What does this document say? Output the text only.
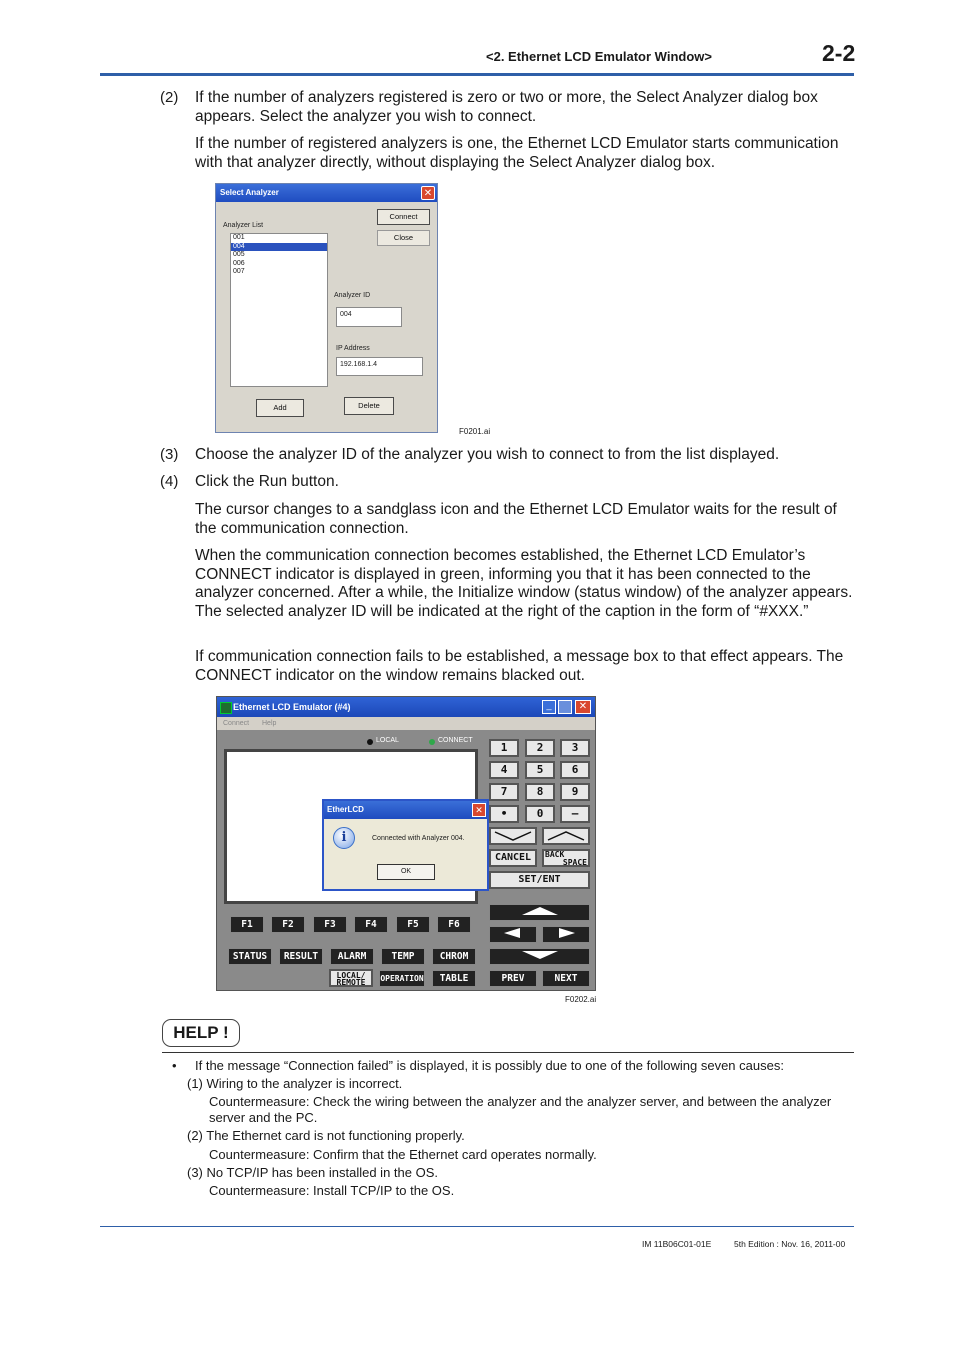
<2. Ethernet LCD Emulator Window>	2-2
(2) If the number of analyzers registered is zero or two or more, the Select Analyzer dialog box appears. Select the analyzer you wish to connect.
If the number of registered analyzers is one, the Ethernet LCD Emulator starts communication with that analyzer directly, without displaying the Select Analyzer dialog box.
Select Analyzer	✕
Analyzer List
001
004
005
006
007
Connect
Close
Analyzer ID
004
IP Address
192.168.1.4
Add	Delete
F0201.ai
(3) Choose the analyzer ID of the analyzer you wish to connect to from the list displayed.
(4) Click the Run button.
The cursor changes to a sandglass icon and the Ethernet LCD Emulator waits for the result of the communication connection.
When the communication connection becomes established, the Ethernet LCD Emulator’s CONNECT indicator is displayed in green, informing you that it has been connected to the analyzer concerned. After a while, the Initialize window (status window) of the analyzer appears. The selected analyzer ID will be indicated at the right of the caption in the form of “#XXX.”
If communication connection fails to be established, a message box to that effect appears. The CONNECT indicator on the window remains blacked out.
Ethernet LCD Emulator (#4)	_	✕
Connect Help
LOCAL	CONNECT
1	2	3
4	5	6
7	8	9
•	0	–
CANCEL	BACK
SPACE
SET/ENT
PREV	NEXT
F1	F2	F3	F4	F5	F6
STATUS	RESULT	ALARM	TEMP	CHROM
LOCAL/
REMOTE	OPERATION	TABLE
EtherLCD	✕
i	Connected with Analyzer 004.
OK
F0202.ai
HELP !
• If the message “Connection failed” is displayed, it is possibly due to one of the following seven causes:
(1) Wiring to the analyzer is incorrect.
Countermeasure: Check the wiring between the analyzer and the analyzer server, and between the analyzer server and the PC.
(2) The Ethernet card is not functioning properly.
Countermeasure: Confirm that the Ethernet card operates normally.
(3) No TCP/IP has been installed in the OS.
Countermeasure: Install TCP/IP to the OS.
IM 11B06C01-01E	5th Edition : Nov. 16, 2011-00
